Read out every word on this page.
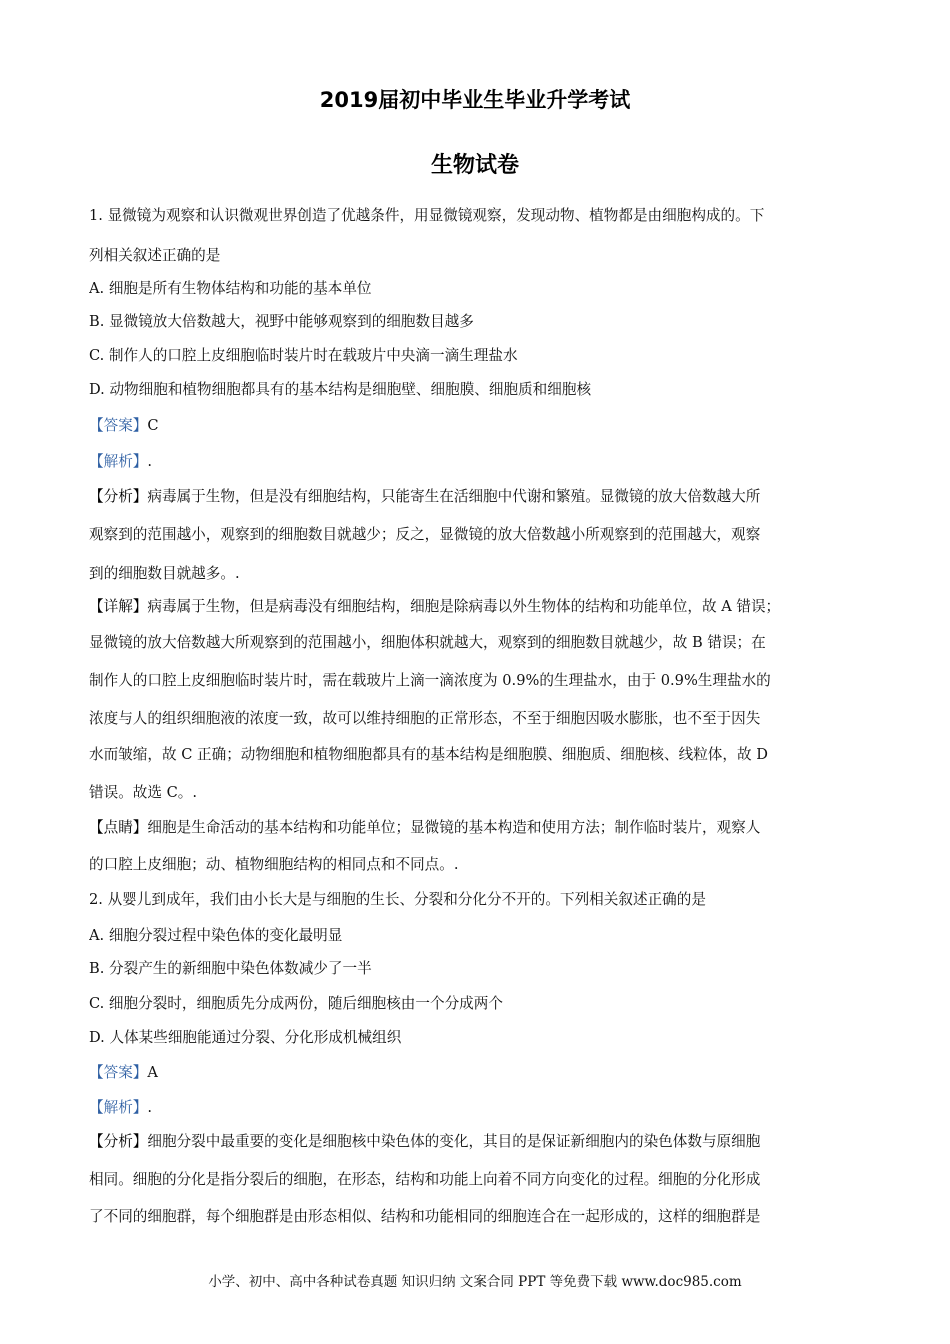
2019届初中毕业生毕业升学考试
生物试卷
1. 显微镜为观察和认识微观世界创造了优越条件，用显微镜观察，发现动物、植物都是由细胞构成的。下
列相关叙述正确的是
A. 细胞是所有生物体结构和功能的基本单位
B. 显微镜放大倍数越大，视野中能够观察到的细胞数目越多
C. 制作人的口腔上皮细胞临时装片时在载玻片中央滴一滴生理盐水
D. 动物细胞和植物细胞都具有的基本结构是细胞壁、细胞膜、细胞质和细胞核
【答案】C
【解析】.
【分析】病毒属于生物，但是没有细胞结构，只能寄生在活细胞中代谢和繁殖。显微镜的放大倍数越大所
观察到的范围越小，观察到的细胞数目就越少；反之，显微镜的放大倍数越小所观察到的范围越大，观察
到的细胞数目就越多。.
【详解】病毒属于生物，但是病毒没有细胞结构，细胞是除病毒以外生物体的结构和功能单位，故 A 错误；
显微镜的放大倍数越大所观察到的范围越小，细胞体积就越大，观察到的细胞数目就越少，故 B 错误；在
制作人的口腔上皮细胞临时装片时，需在载玻片上滴一滴浓度为 0.9%的生理盐水，由于 0.9%生理盐水的
浓度与人的组织细胞液的浓度一致，故可以维持细胞的正常形态，不至于细胞因吸水膨胀，也不至于因失
水而皱缩，故 C 正确；动物细胞和植物细胞都具有的基本结构是细胞膜、细胞质、细胞核、线粒体，故 D
错误。故选 C。.
【点睛】细胞是生命活动的基本结构和功能单位；显微镜的基本构造和使用方法；制作临时装片，观察人
的口腔上皮细胞；动、植物细胞结构的相同点和不同点。.
2. 从婴儿到成年，我们由小长大是与细胞的生长、分裂和分化分不开的。下列相关叙述正确的是
A. 细胞分裂过程中染色体的变化最明显
B. 分裂产生的新细胞中染色体数减少了一半
C. 细胞分裂时，细胞质先分成两份，随后细胞核由一个分成两个
D. 人体某些细胞能通过分裂、分化形成机械组织
【答案】A
【解析】.
【分析】细胞分裂中最重要的变化是细胞核中染色体的变化，其目的是保证新细胞内的染色体数与原细胞
相同。细胞的分化是指分裂后的细胞，在形态，结构和功能上向着不同方向变化的过程。细胞的分化形成
了不同的细胞群，每个细胞群是由形态相似、结构和功能相同的细胞连合在一起形成的，这样的细胞群是
小学、初中、高中各种试卷真题 知识归纳 文案合同 PPT 等免费下载 www.doc985.com
